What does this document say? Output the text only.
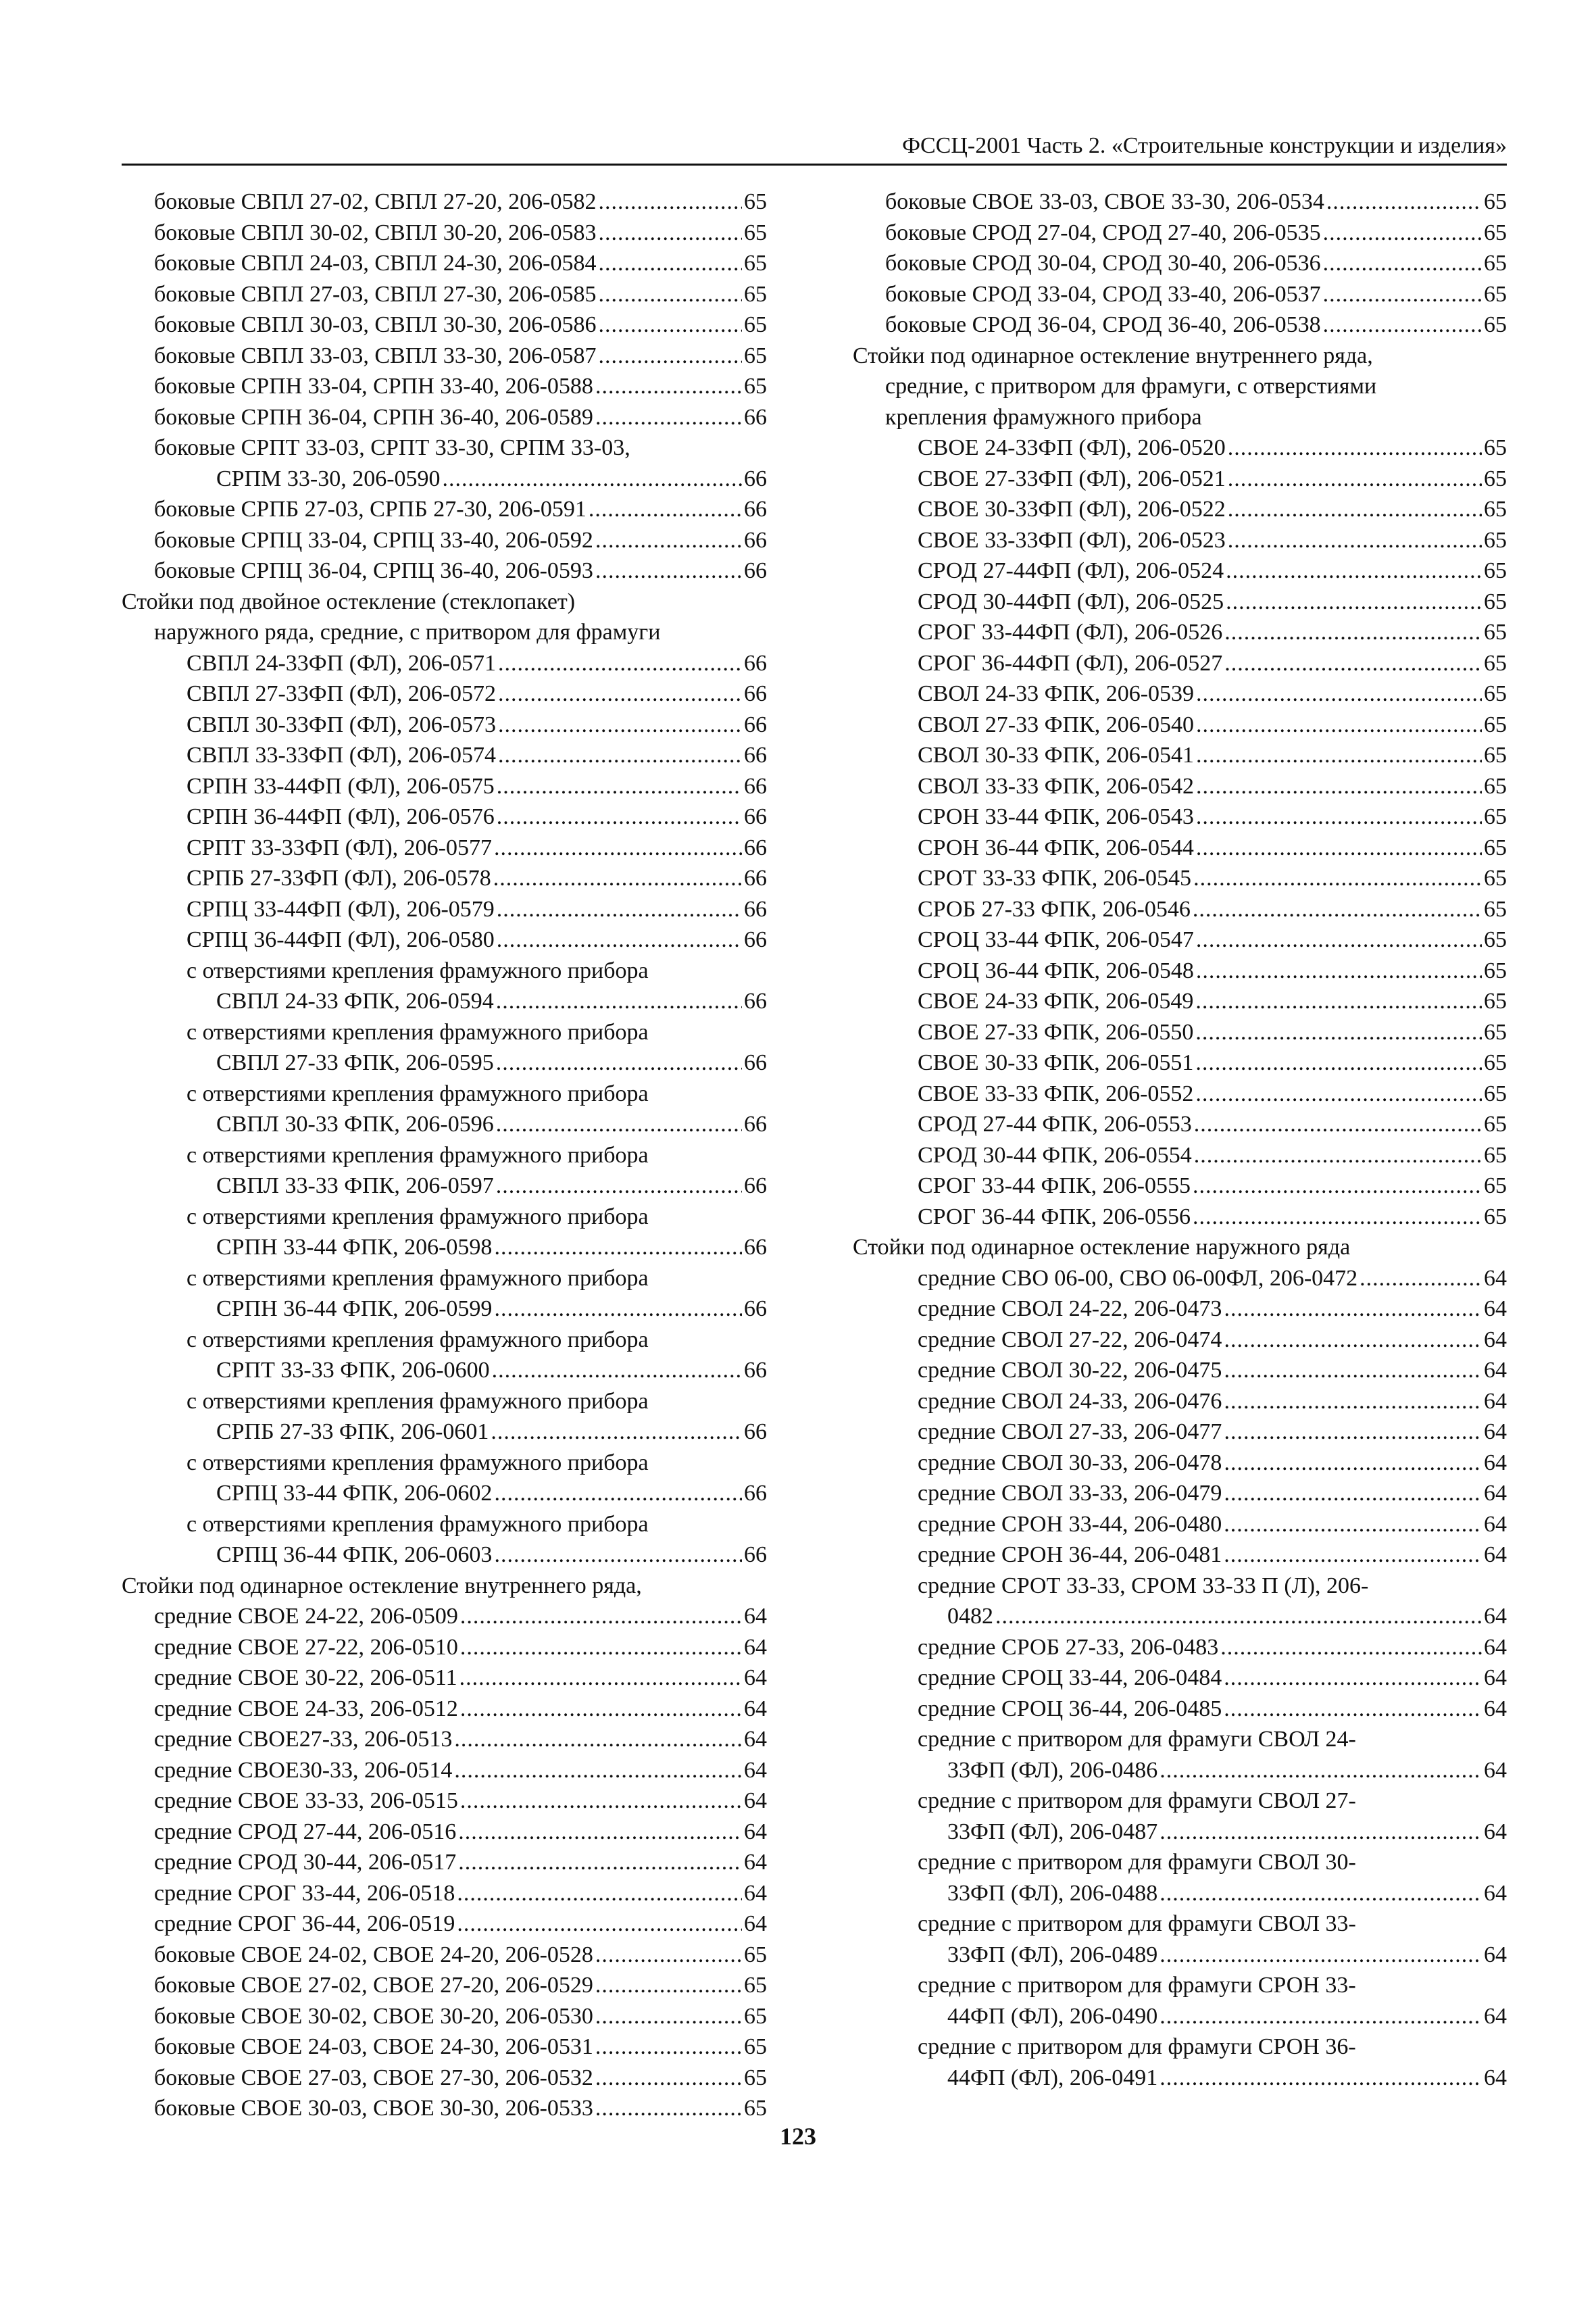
ФССЦ-2001 Часть 2. «Строительные конструкции и изделия»
боковые СВПЛ 27-02, СВПЛ 27-20, 206-0582 .....	65
боковые СВПЛ 30-02, СВПЛ 30-20, 206-0583 .....	65
боковые СВПЛ 24-03, СВПЛ 24-30, 206-0584 .....	65
боковые СВПЛ 27-03, СВПЛ 27-30, 206-0585 .....	65
боковые СВПЛ 30-03, СВПЛ 30-30, 206-0586 .....	65
боковые СВПЛ 33-03, СВПЛ 33-30, 206-0587 .....	65
боковые СРПН 33-04, СРПН 33-40, 206-0588 .....	65
боковые СРПН 36-04, СРПН 36-40, 206-0589 .....	66
боковые СРПТ 33-03, СРПТ 33-30, СРПМ 33-03,
СРПМ 33-30, 206-0590 .....	66
боковые СРПБ 27-03, СРПБ 27-30, 206-0591 .....	66
боковые СРПЦ 33-04, СРПЦ 33-40, 206-0592 .....	66
боковые СРПЦ 36-04, СРПЦ 36-40, 206-0593 .....	66
Стойки под двойное остекление (стеклопакет)
наружного ряда, средние, с притвором для фрамуги
СВПЛ 24-33ФП (ФЛ), 206-0571 .....	66
СВПЛ 27-33ФП (ФЛ), 206-0572 .....	66
СВПЛ 30-33ФП (ФЛ), 206-0573 .....	66
СВПЛ 33-33ФП (ФЛ), 206-0574 .....	66
СРПН 33-44ФП (ФЛ), 206-0575 .....	66
СРПН 36-44ФП (ФЛ), 206-0576 .....	66
СРПТ 33-33ФП (ФЛ), 206-0577 .....	66
СРПБ 27-33ФП (ФЛ), 206-0578 .....	66
СРПЦ 33-44ФП (ФЛ), 206-0579 .....	66
СРПЦ 36-44ФП (ФЛ), 206-0580 .....	66
с отверстиями крепления фрамужного прибора
СВПЛ 24-33 ФПК, 206-0594 .....	66
с отверстиями крепления фрамужного прибора
СВПЛ 27-33 ФПК, 206-0595 .....	66
с отверстиями крепления фрамужного прибора
СВПЛ 30-33 ФПК, 206-0596 .....	66
с отверстиями крепления фрамужного прибора
СВПЛ 33-33 ФПК, 206-0597 .....	66
с отверстиями крепления фрамужного прибора
СРПН 33-44 ФПК, 206-0598 .....	66
с отверстиями крепления фрамужного прибора
СРПН 36-44 ФПК, 206-0599 .....	66
с отверстиями крепления фрамужного прибора
СРПТ 33-33 ФПК, 206-0600 .....	66
с отверстиями крепления фрамужного прибора
СРПБ 27-33 ФПК, 206-0601 .....	66
с отверстиями крепления фрамужного прибора
СРПЦ 33-44 ФПК, 206-0602 .....	66
с отверстиями крепления фрамужного прибора
СРПЦ 36-44 ФПК, 206-0603 .....	66
Стойки под одинарное остекление внутреннего ряда,
средние СВОЕ 24-22, 206-0509 .....	64
средние СВОЕ 27-22, 206-0510 .....	64
средние СВОЕ 30-22, 206-0511 .....	64
средние СВОЕ 24-33, 206-0512 .....	64
средние СВОЕ27-33, 206-0513 .....	64
средние СВОЕ30-33, 206-0514 .....	64
средние СВОЕ 33-33, 206-0515 .....	64
средние СРОД 27-44, 206-0516 .....	64
средние СРОД 30-44, 206-0517 .....	64
средние СРОГ 33-44, 206-0518 .....	64
средние СРОГ 36-44, 206-0519 .....	64
боковые СВОЕ 24-02, СВОЕ 24-20, 206-0528 .....	65
боковые СВОЕ 27-02, СВОЕ 27-20, 206-0529 .....	65
боковые СВОЕ 30-02, СВОЕ 30-20, 206-0530 .....	65
боковые СВОЕ 24-03, СВОЕ 24-30, 206-0531 .....	65
боковые СВОЕ 27-03, СВОЕ 27-30, 206-0532 .....	65
боковые СВОЕ 30-03, СВОЕ 30-30, 206-0533 .....	65
боковые СВОЕ 33-03, СВОЕ 33-30, 206-0534 .....	65
боковые СРОД 27-04, СРОД 27-40, 206-0535 .....	65
боковые СРОД 30-04, СРОД 30-40, 206-0536 .....	65
боковые СРОД 33-04, СРОД 33-40, 206-0537 .....	65
боковые СРОД 36-04, СРОД 36-40, 206-0538 .....	65
Стойки под одинарное остекление внутреннего ряда,
средние, с притвором для фрамуги, с отверстиями
крепления фрамужного прибора
СВОЕ 24-33ФП (ФЛ), 206-0520 .....	65
СВОЕ 27-33ФП (ФЛ), 206-0521 .....	65
СВОЕ 30-33ФП (ФЛ), 206-0522 .....	65
СВОЕ 33-33ФП (ФЛ), 206-0523 .....	65
СРОД 27-44ФП (ФЛ), 206-0524 .....	65
СРОД 30-44ФП (ФЛ), 206-0525 .....	65
СРОГ 33-44ФП (ФЛ), 206-0526 .....	65
СРОГ 36-44ФП (ФЛ), 206-0527 .....	65
СВОЛ 24-33 ФПК, 206-0539 .....	65
СВОЛ 27-33 ФПК, 206-0540 .....	65
СВОЛ 30-33 ФПК, 206-0541 .....	65
СВОЛ 33-33 ФПК, 206-0542 .....	65
СРОН 33-44 ФПК, 206-0543 .....	65
СРОН 36-44 ФПК, 206-0544 .....	65
СРОТ 33-33 ФПК, 206-0545 .....	65
СРОБ 27-33 ФПК, 206-0546 .....	65
СРОЦ 33-44 ФПК, 206-0547 .....	65
СРОЦ 36-44 ФПК, 206-0548 .....	65
СВОЕ 24-33 ФПК, 206-0549 .....	65
СВОЕ 27-33 ФПК, 206-0550 .....	65
СВОЕ 30-33 ФПК, 206-0551 .....	65
СВОЕ 33-33 ФПК, 206-0552 .....	65
СРОД 27-44 ФПК, 206-0553 .....	65
СРОД 30-44 ФПК, 206-0554 .....	65
СРОГ 33-44 ФПК, 206-0555 .....	65
СРОГ 36-44 ФПК, 206-0556 .....	65
Стойки под одинарное остекление наружного ряда
средние СВО 06-00, СВО 06-00ФЛ, 206-0472 .....	64
средние СВОЛ 24-22, 206-0473 .....	64
средние СВОЛ 27-22, 206-0474 .....	64
средние СВОЛ 30-22, 206-0475 .....	64
средние СВОЛ 24-33, 206-0476 .....	64
средние СВОЛ 27-33, 206-0477 .....	64
средние СВОЛ 30-33, 206-0478 .....	64
средние СВОЛ 33-33, 206-0479 .....	64
средние СРОН 33-44, 206-0480 .....	64
средние СРОН 36-44, 206-0481 .....	64
средние СРОТ 33-33, СРОМ 33-33 П (Л), 206-
0482 .....	64
средние СРОБ 27-33, 206-0483 .....	64
средние СРОЦ 33-44, 206-0484 .....	64
средние СРОЦ 36-44, 206-0485 .....	64
средние с притвором для фрамуги СВОЛ 24-
33ФП (ФЛ), 206-0486 .....	64
средние с притвором для фрамуги СВОЛ 27-
33ФП (ФЛ), 206-0487 .....	64
средние с притвором для фрамуги СВОЛ 30-
33ФП (ФЛ), 206-0488 .....	64
средние с притвором для фрамуги СВОЛ 33-
33ФП (ФЛ), 206-0489 .....	64
средние с притвором для фрамуги СРОН 33-
44ФП (ФЛ), 206-0490 .....	64
средние с притвором для фрамуги СРОН 36-
44ФП (ФЛ), 206-0491 .....	64
123
